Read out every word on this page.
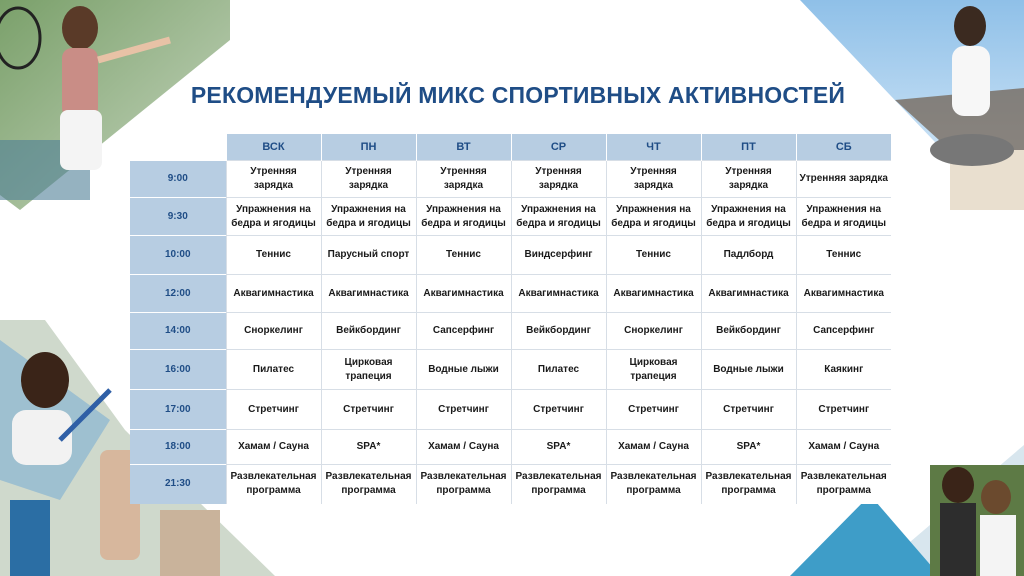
РЕКОМЕНДУЕМЫЙ МИКС СПОРТИВНЫХ АКТИВНОСТЕЙ
	ВСК	ПН	ВТ	СР	ЧТ	ПТ	СБ
9:00	Утренняя зарядка	Утренняя зарядка	Утренняя зарядка	Утренняя зарядка	Утренняя зарядка	Утренняя зарядка	Утренняя зарядка
9:30	Упражнения на бедра и ягодицы	Упражнения на бедра и ягодицы	Упражнения на бедра и ягодицы	Упражнения на бедра и ягодицы	Упражнения на бедра и ягодицы	Упражнения на бедра и ягодицы	Упражнения на бедра и ягодицы
10:00	Теннис	Парусный спорт	Теннис	Виндсерфинг	Теннис	Падлборд	Теннис
12:00	Аквагимнастика	Аквагимнастика	Аквагимнастика	Аквагимнастика	Аквагимнастика	Аквагимнастика	Аквагимнастика
14:00	Сноркелинг	Вейкбординг	Сапсерфинг	Вейкбординг	Сноркелинг	Вейкбординг	Сапсерфинг
16:00	Пилатес	Цирковая трапеция	Водные лыжи	Пилатес	Цирковая трапеция	Водные лыжи	Каякинг
17:00	Стретчинг	Стретчинг	Стретчинг	Стретчинг	Стретчинг	Стретчинг	Стретчинг
18:00	Хамам / Сауна	SPA*	Хамам / Сауна	SPA*	Хамам / Сауна	SPA*	Хамам / Сауна
21:30	Развлекательная программа	Развлекательная программа	Развлекательная программа	Развлекательная программа	Развлекательная программа	Развлекательная программа	Развлекательная программа
